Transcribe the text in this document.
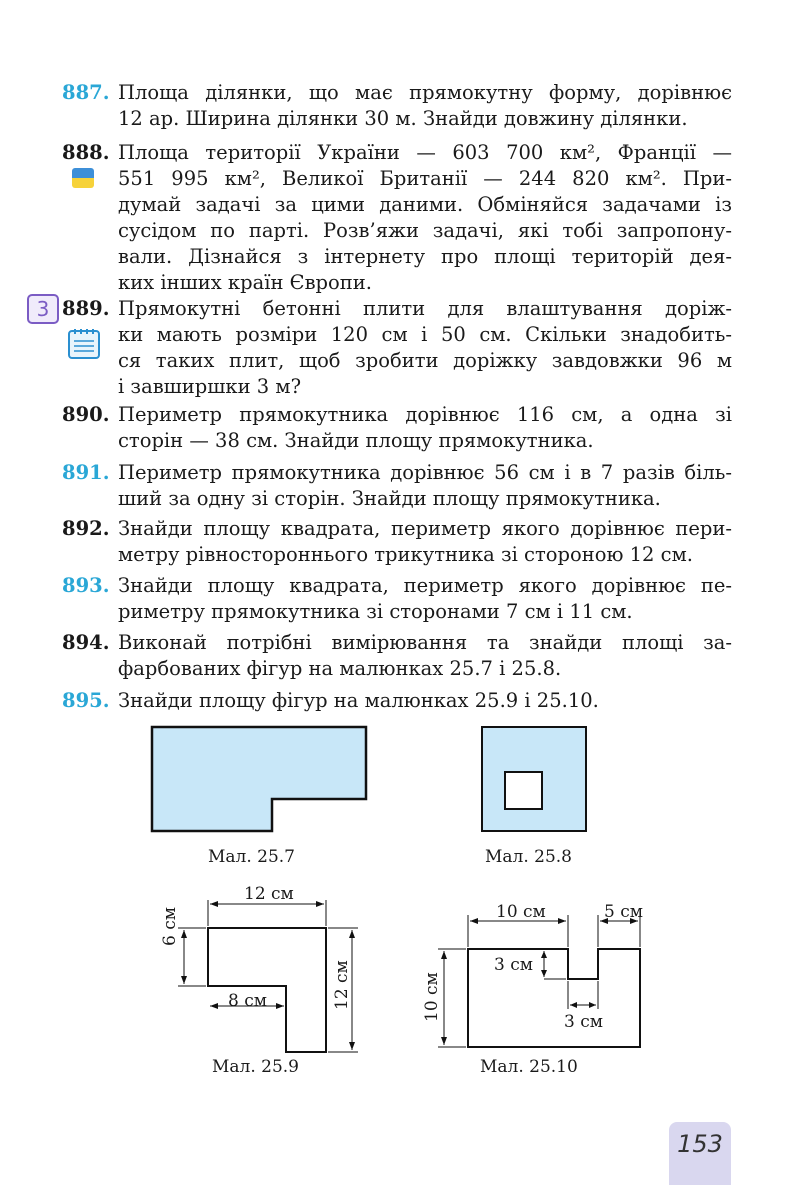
887. Площа ділянки, що має прямокутну форму, дорівнює
12 ар. Ширина ділянки 30 м. Знайди довжину ділянки.
888. Площа території України — 603 700 км², Франції —
551 995 км², Великої Британії — 244 820 км². При-
думай задачі за цими даними. Обміняйся задачами із
сусідом по парті. Розв’яжи задачі, які тобі запропону-
вали. Дізнайся з інтернету про площі територій дея-
ких інших країн Європи.
3 889. Прямокутні бетонні плити для влаштування доріж-
ки мають розміри 120 см і 50 см. Скільки знадобить-
ся таких плит, щоб зробити доріжку завдовжки 96 м
і завширшки 3 м?
890. Периметр прямокутника дорівнює 116 см, а одна зі
сторін — 38 см. Знайди площу прямокутника.
891. Периметр прямокутника дорівнює 56 см і в 7 разів біль-
ший за одну зі сторін. Знайди площу прямокутника.
892. Знайди площу квадрата, периметр якого дорівнює пери-
метру рівностороннього трикутника зі стороною 12 см.
893. Знайди площу квадрата, периметр якого дорівнює пе-
риметру прямокутника зі сторонами 7 см і 11 см.
894. Виконай потрібні вимірювання та знайди площі за-
фарбованих фігур на малюнках 25.7 і 25.8.
895. Знайди площу фігур на малюнках 25.9 і 25.10.
Мал. 25.7	Мал. 25.8
12 см
6 см
8 см	12 см
Мал. 25.9
10 см	5 см
3 см
3 см
10 см
Мал. 25.10
153
